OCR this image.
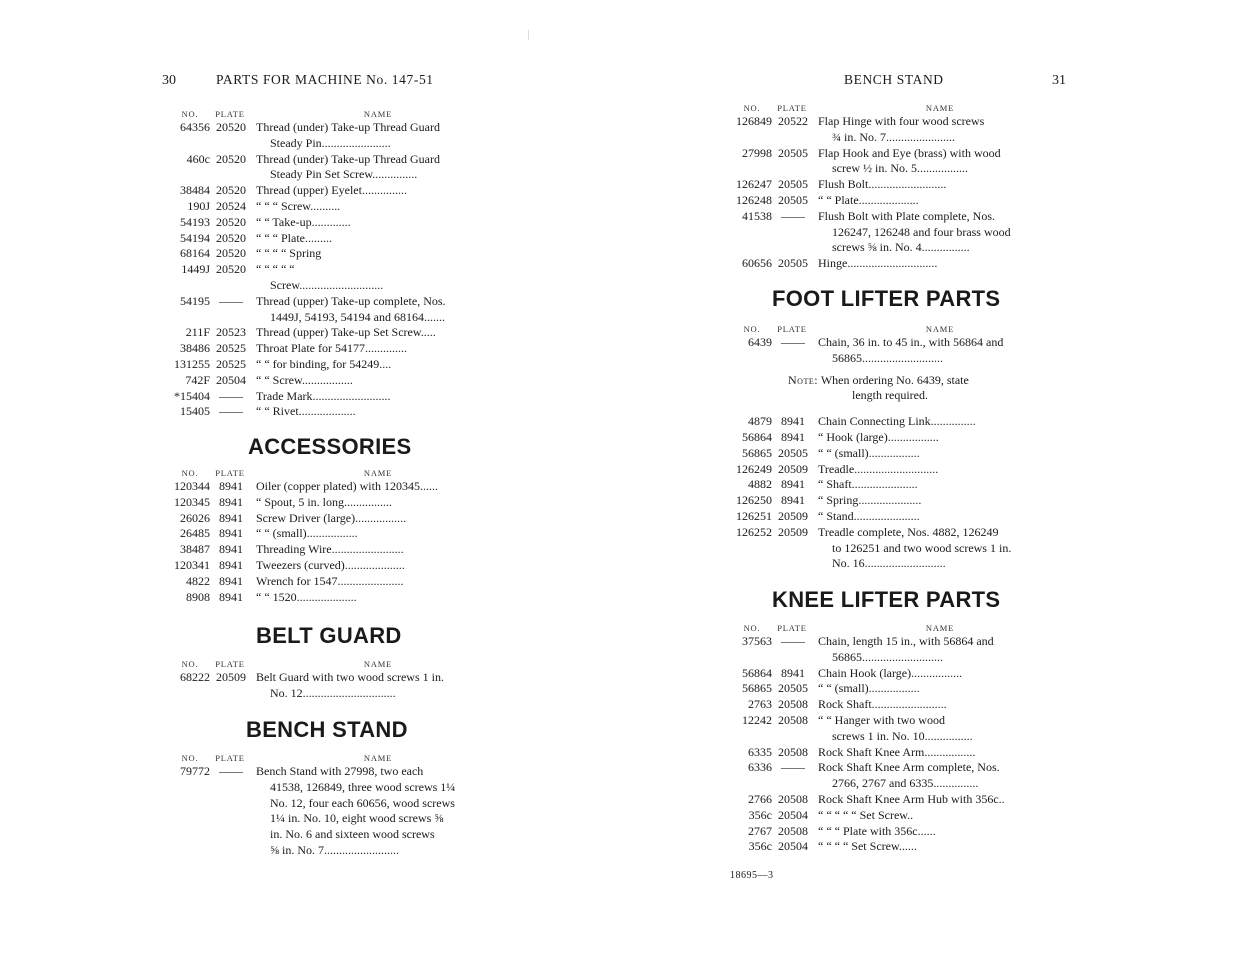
30	PARTS FOR MACHINE No. 147-51
NO.	PLATE	NAME
64356 20520 Thread (under) Take-up Thread Guard
Steady Pin.......................
460c 20520 Thread (under) Take-up Thread Guard
Steady Pin Set Screw...............
38484 20520 Thread (upper) Eyelet...............
190J 20524 “ “ “ Screw..........
54193 20520 “ “ Take-up.............
54194 20520 “ “ “ Plate.........
68164 20520 “ “ “ “ Spring
1449J 20520 “ “ “ “ “
Screw............................
54195 ——	Thread (upper) Take-up complete, Nos.
1449J, 54193, 54194 and 68164.......
211F 20523 Thread (upper) Take-up Set Screw.....
38486 20525 Throat Plate for 54177..............
131255 20525 “ “ for binding, for 54249....
742F 20504 “ “ Screw.................
*15404 ——	Trade Mark..........................
15405 ——	“ “ Rivet...................
ACCESSORIES
NO.	PLATE	NAME
120344 8941	Oiler (copper plated) with 120345......
120345 8941	“ Spout, 5 in. long................
26026 8941	Screw Driver (large).................
26485 8941	“ “ (small).................
38487 8941	Threading Wire........................
120341 8941	Tweezers (curved)....................
4822 8941	Wrench for 1547......................
8908 8941	“ “ 1520....................
BELT GUARD
NO.	PLATE	NAME
68222 20509 Belt Guard with two wood screws 1 in.
No. 12...............................
BENCH STAND
NO.	PLATE	NAME
79772 ——	Bench Stand with 27998, two each
41538, 126849, three wood screws 1¼
No. 12, four each 60656, wood screws
1¼ in. No. 10, eight wood screws ⅝
in. No. 6 and sixteen wood screws
⅝ in. No. 7.........................
BENCH STAND	31
NO.	PLATE	NAME
126849 20522 Flap Hinge with four wood screws
¾ in. No. 7.......................
27998 20505 Flap Hook and Eye (brass) with wood
screw ½ in. No. 5.................
126247 20505 Flush Bolt..........................
126248 20505 “ “ Plate....................
41538 ——	Flush Bolt with Plate complete, Nos.
126247, 126248 and four brass wood
screws ⅝ in. No. 4................
60656 20505 Hinge..............................
FOOT LIFTER PARTS
NO.	PLATE	NAME
6439 ——	Chain, 36 in. to 45 in., with 56864 and
56865...........................
Note: When ordering No. 6439, state
length required.
4879 8941	Chain Connecting Link...............
56864 8941	“ Hook (large).................
56865 20505 “ “ (small).................
126249 20509 Treadle............................
4882 8941	“ Shaft......................
126250 8941	“ Spring.....................
126251 20509 “ Stand......................
126252 20509 Treadle complete, Nos. 4882, 126249
to 126251 and two wood screws 1 in.
No. 16...........................
KNEE LIFTER PARTS
NO.	PLATE	NAME
37563 ——	Chain, length 15 in., with 56864 and
56865...........................
56864 8941	Chain Hook (large).................
56865 20505 “ “ (small).................
2763 20508 Rock Shaft.........................
12242 20508 “ “ Hanger with two wood
screws 1 in. No. 10................
6335 20508 Rock Shaft Knee Arm.................
6336 ——	Rock Shaft Knee Arm complete, Nos.
2766, 2767 and 6335...............
2766 20508 Rock Shaft Knee Arm Hub with 356c..
356c 20504 “ “ “ “ “ Set Screw..
2767 20508 “ “ “ Plate with 356c......
356c 20504 “ “ “ “ Set Screw......
18695—3
